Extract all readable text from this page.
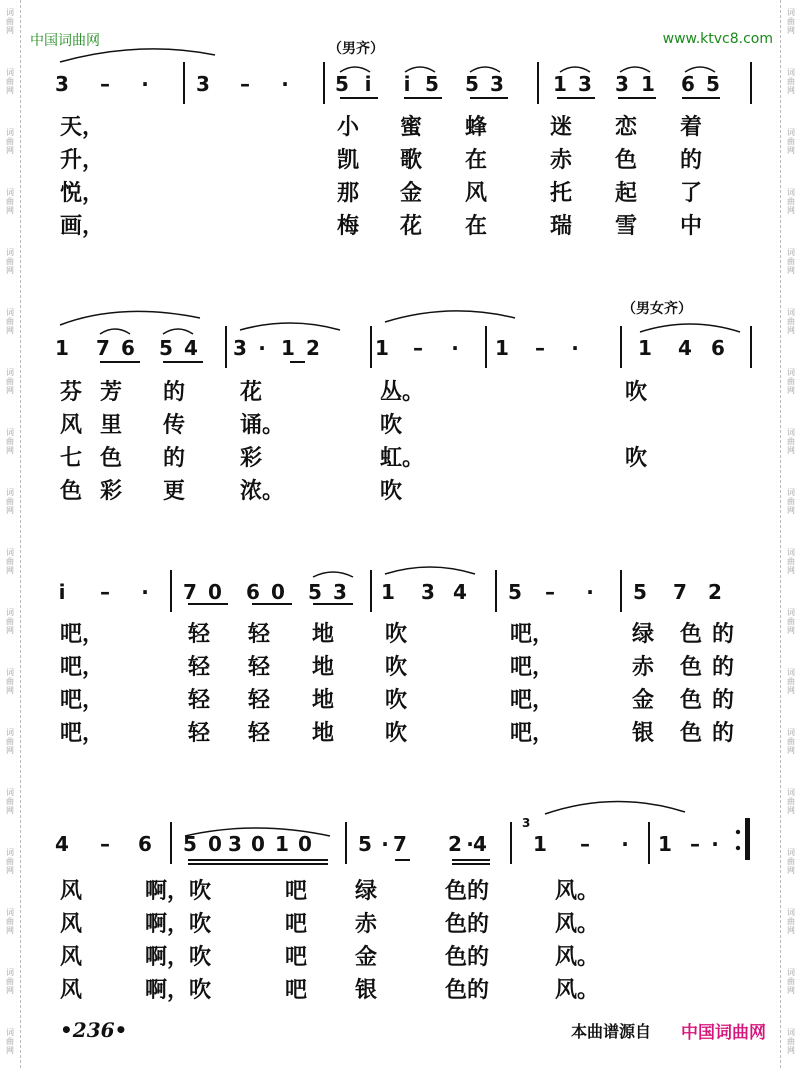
词
曲
网
词
曲
网
词
曲
网
词
曲
网
词
曲
网
词
曲
网
词
曲
网
词
曲
网
词
曲
网
词
曲
网
词
曲
网
词
曲
网
词
曲
网
词
曲
网
词
曲
网
词
曲
网
词
曲
网
词
曲
网
词
曲
网
词
曲
网
词
曲
网
词
曲
网
词
曲
网
词
曲
网
词
曲
网
词
曲
网
词
曲
网
词
曲
网
词
曲
网
词
曲
网
词
曲
网
词
曲
网
词
曲
网
词
曲
网
词
曲
网
词
曲
网
中国词曲网	www.ktvc8.com
（男齐）
（男女齐）
3
3	–	·	3	–	·	5 i	i 5 5 3 1 3 3 1 6 5
1 7 6 5 4 3 · 1 2	1	–	·	1	–	·	1 4 6
i	–	·	7 0 6 0 5 3 1 3 4 5	–	·	5 7 2
4	–	6 5 0 3 0 1 0 5 · 7 2 · 4 1	–	·	1 – ·
天，	小 蜜 蜂	迷 恋 着
升，	凯 歌 在	赤 色 的
悦，	那 金 风	托 起 了
画，	梅 花 在	瑞 雪 中
芬 芳 的 花	丛。	吹
风 里 传 诵。	吹
七 色 的 彩	虹。	吹
色 彩 更 浓。	吹
吧，	轻 轻 地 吹	吧，	绿 色 的
吧，	轻 轻 地 吹	吧，	赤 色 的
吧，	轻 轻 地 吹	吧，	金 色 的
吧，	轻 轻 地 吹	吧，	银 色 的
风	啊，吹	吧 绿	色的	风。
风	啊，吹	吧 赤	色的	风。
风	啊，吹	吧 金	色的	风。
风	啊，吹	吧 银	色的	风。
•236•	本曲谱源自 中国词曲网
